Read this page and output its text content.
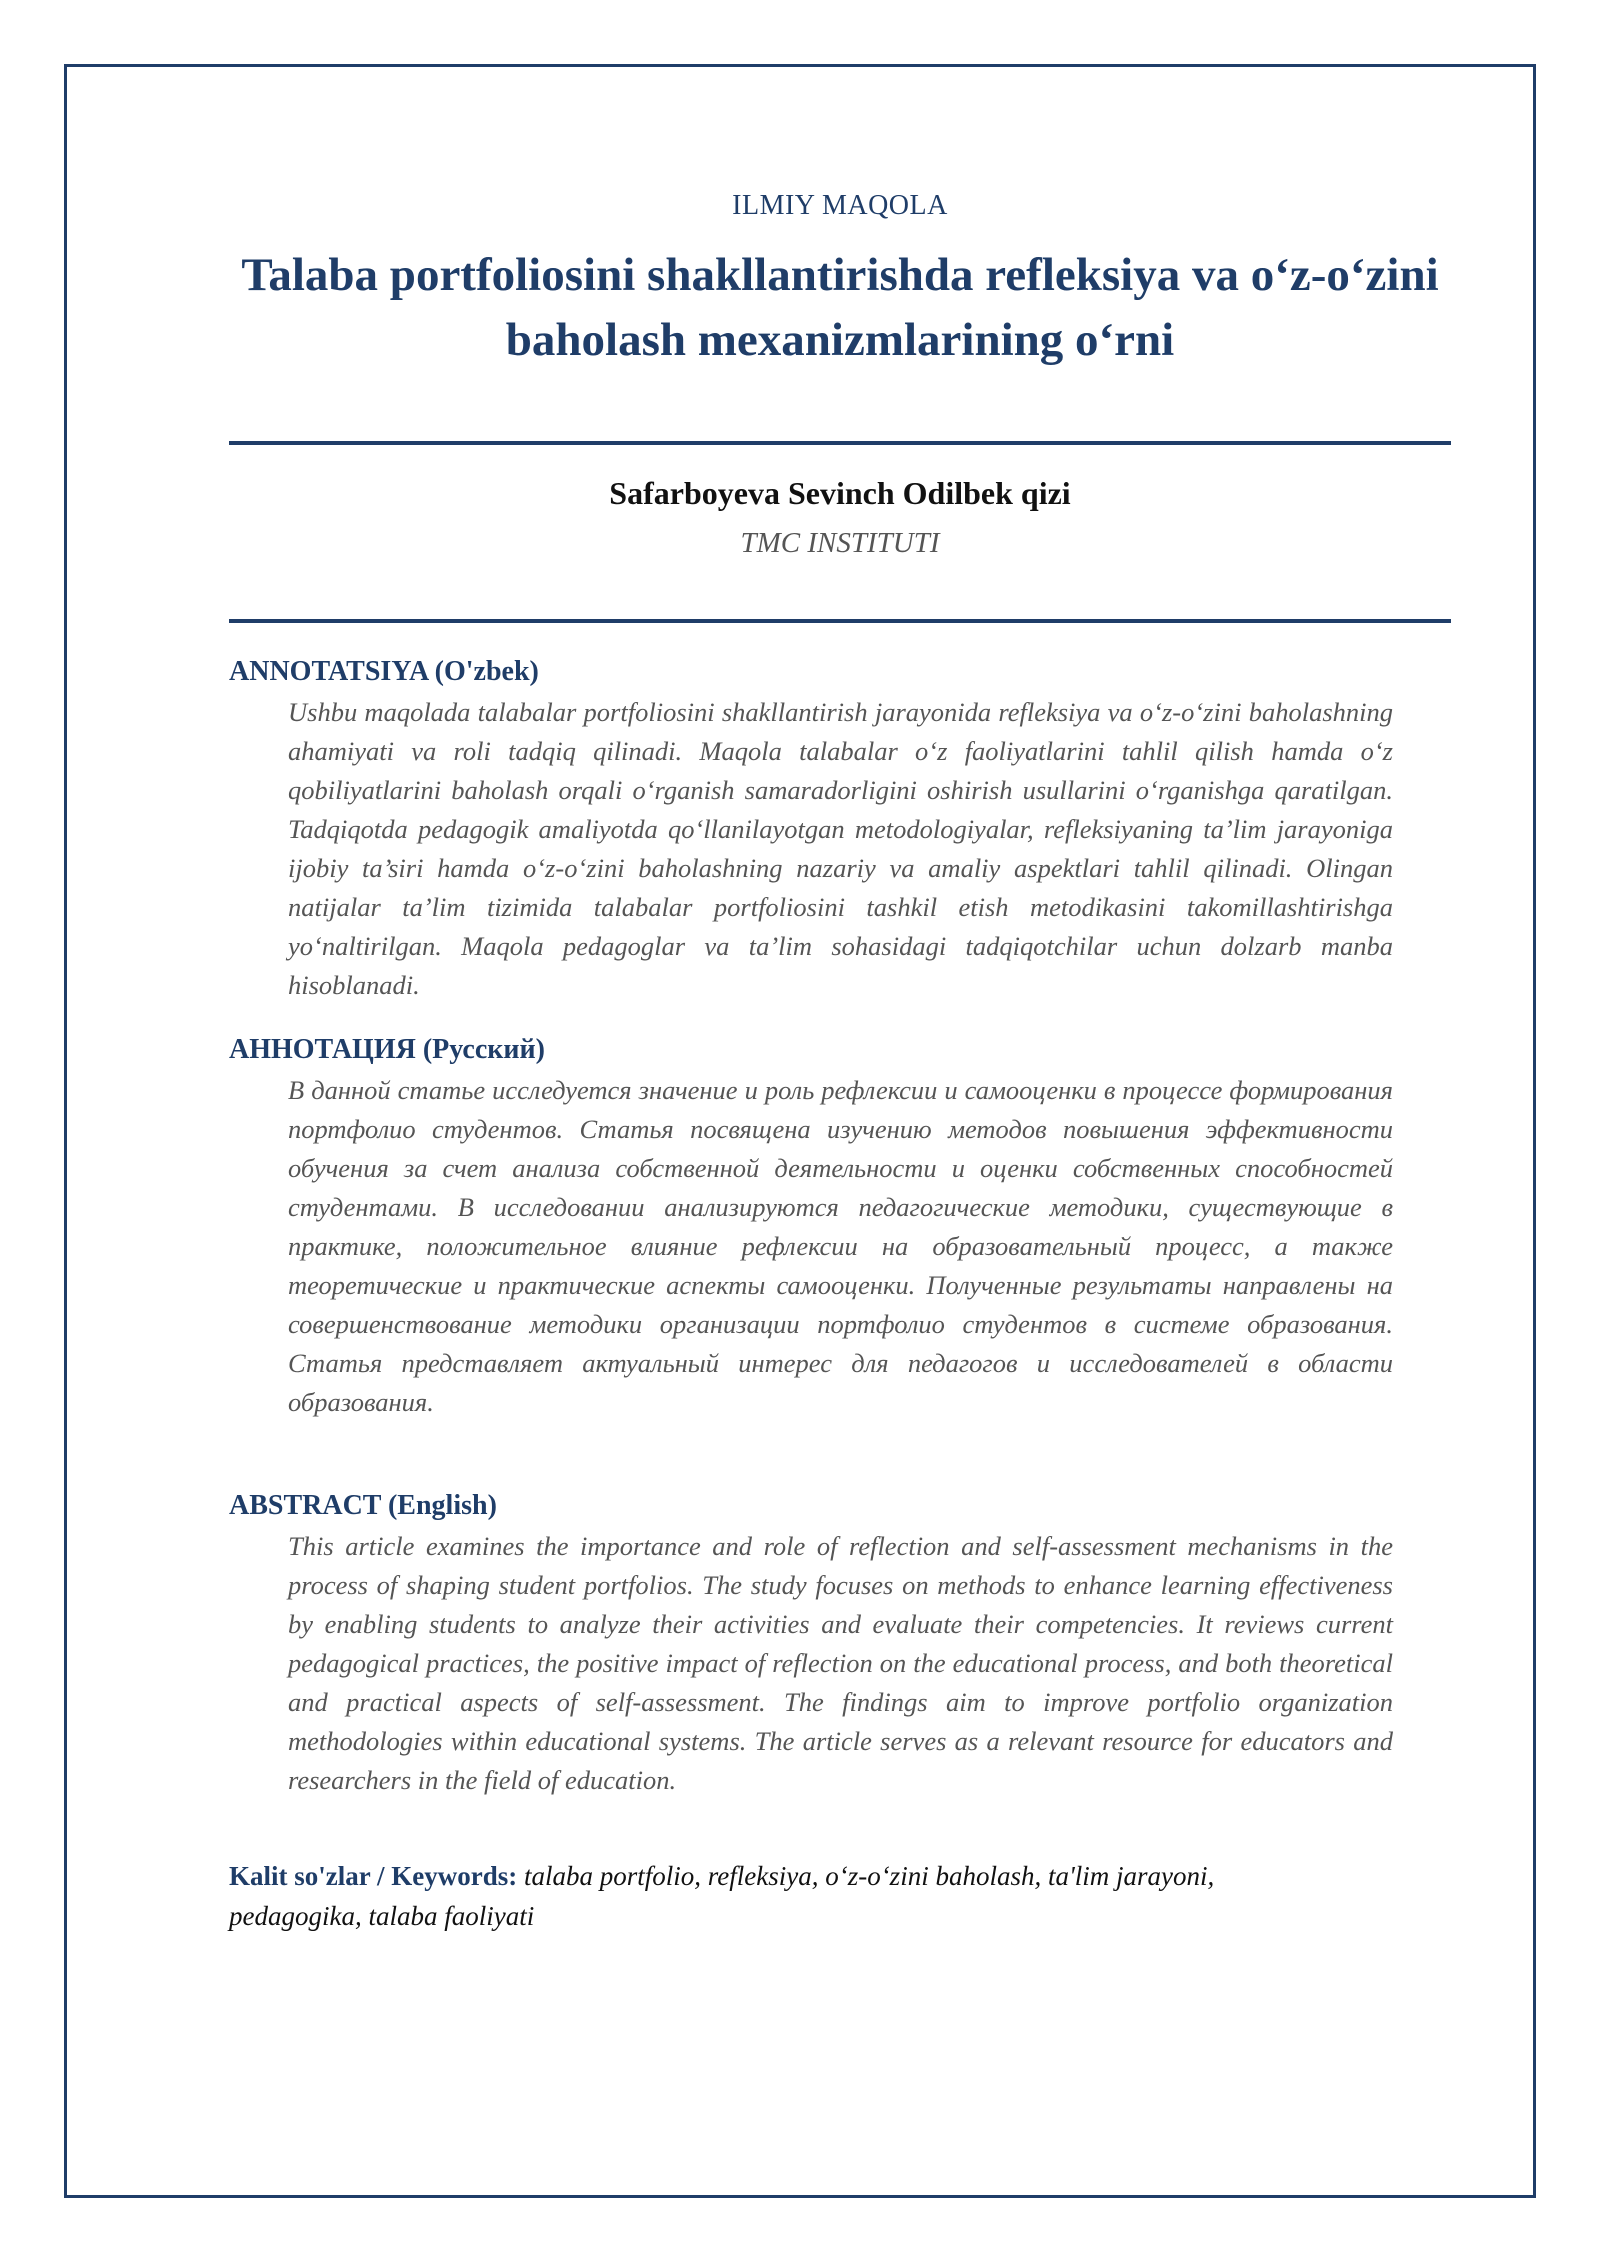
ILMIY MAQOLA
Talaba portfoliosini shakllantirishda refleksiya va o‘z-o‘zini baholash mexanizmlarining o‘rni
Safarboyeva Sevinch Odilbek qizi
TMC INSTITUTI
ANNOTATSIYA (O'zbek)
Ushbu maqolada talabalar portfoliosini shakllantirish jarayonida refleksiya va o‘z-o‘zini baholashning ahamiyati va roli tadqiq qilinadi. Maqola talabalar o‘z faoliyatlarini tahlil qilish hamda o‘z qobiliyatlarini baholash orqali o‘rganish samaradorligini oshirish usullarini o‘rganishga qaratilgan. Tadqiqotda pedagogik amaliyotda qo‘llanilayotgan metodologiyalar, refleksiyaning ta’lim jarayoniga ijobiy ta’siri hamda o‘z-o‘zini baholashning nazariy va amaliy aspektlari tahlil qilinadi. Olingan natijalar ta’lim tizimida talabalar portfoliosini tashkil etish metodikasini takomillashtirishga yo‘naltirilgan. Maqola pedagoglar va ta’lim sohasidagi tadqiqotchilar uchun dolzarb manba hisoblanadi.
АННОТАЦИЯ (Русский)
В данной статье исследуется значение и роль рефлексии и самооценки в процессе формирования портфолио студентов. Статья посвящена изучению методов повышения эффективности обучения за счет анализа собственной деятельности и оценки собственных способностей студентами. В исследовании анализируются педагогические методики, существующие в практике, положительное влияние рефлексии на образовательный процесс, а также теоретические и практические аспекты самооценки. Полученные результаты направлены на совершенствование методики организации портфолио студентов в системе образования. Статья представляет актуальный интерес для педагогов и исследователей в области образования.
ABSTRACT (English)
This article examines the importance and role of reflection and self-assessment mechanisms in the process of shaping student portfolios. The study focuses on methods to enhance learning effectiveness by enabling students to analyze their activities and evaluate their competencies. It reviews current pedagogical practices, the positive impact of reflection on the educational process, and both theoretical and practical aspects of self-assessment. The findings aim to improve portfolio organization methodologies within educational systems. The article serves as a relevant resource for educators and researchers in the field of education.
Kalit so'zlar / Keywords: talaba portfolio, refleksiya, o‘z-o‘zini baholash, ta'lim jarayoni, pedagogika, talaba faoliyati
